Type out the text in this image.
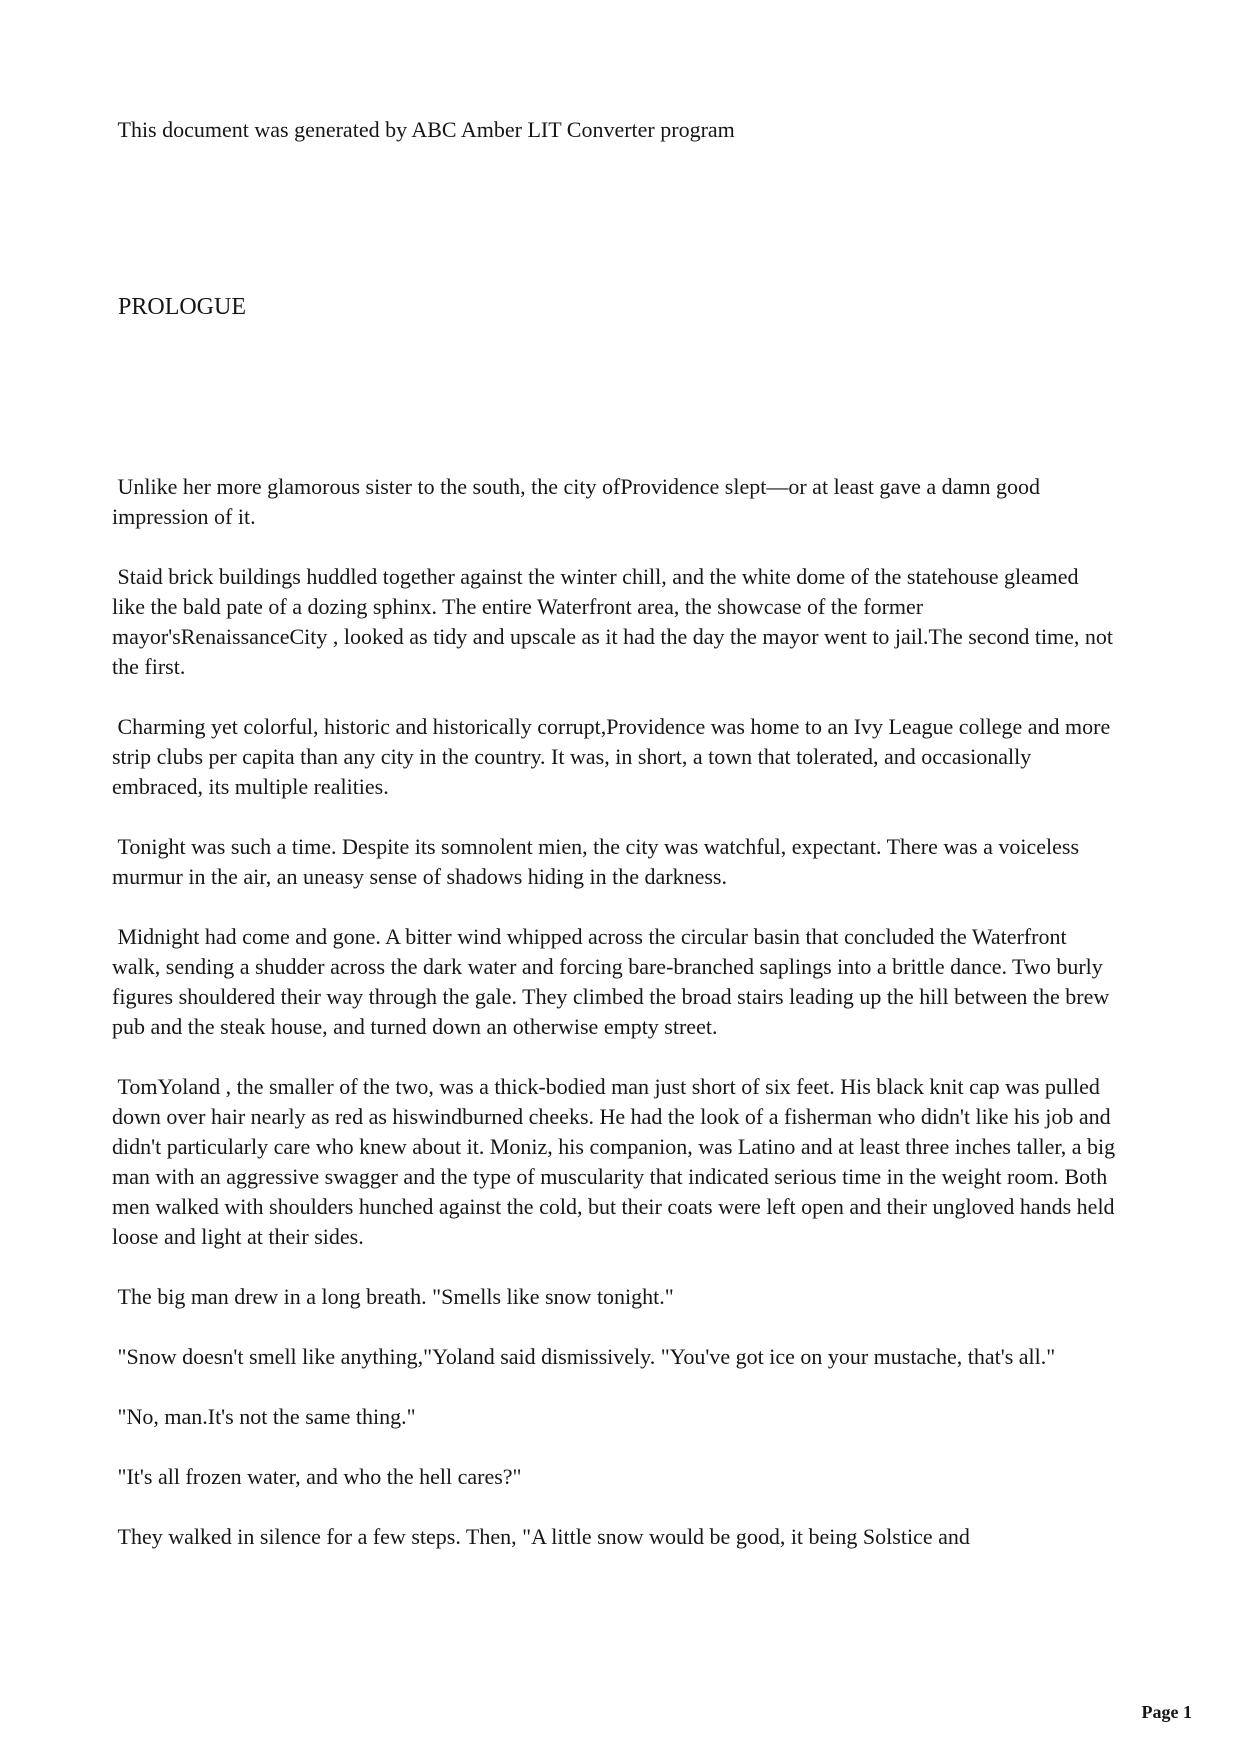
This document was generated by ABC Amber LIT Converter program
PROLOGUE

Unlike her more glamorous sister to the south, the city ofProvidence slept—or at least gave a damn good impression of it.

Staid brick buildings huddled together against the winter chill, and the white dome of the statehouse gleamed like the bald pate of a dozing sphinx. The entire Waterfront area, the showcase of the former mayor'sRenaissanceCity , looked as tidy and upscale as it had the day the mayor went to jail.The second time, not the first.

Charming yet colorful, historic and historically corrupt,Providence was home to an Ivy League college and more strip clubs per capita than any city in the country. It was, in short, a town that tolerated, and occasionally embraced, its multiple realities.

Tonight was such a time. Despite its somnolent mien, the city was watchful, expectant. There was a voiceless murmur in the air, an uneasy sense of shadows hiding in the darkness.

Midnight had come and gone. A bitter wind whipped across the circular basin that concluded the Waterfront walk, sending a shudder across the dark water and forcing bare-branched saplings into a brittle dance. Two burly figures shouldered their way through the gale. They climbed the broad stairs leading up the hill between the brew pub and the steak house, and turned down an otherwise empty street.

TomYoland , the smaller of the two, was a thick-bodied man just short of six feet. His black knit cap was pulled down over hair nearly as red as hiswindburned cheeks. He had the look of a fisherman who didn't like his job and didn't particularly care who knew about it. Moniz, his companion, was Latino and at least three inches taller, a big man with an aggressive swagger and the type of muscularity that indicated serious time in the weight room. Both men walked with shoulders hunched against the cold, but their coats were left open and their ungloved hands held loose and light at their sides.

The big man drew in a long breath. "Smells like snow tonight."

"Snow doesn't smell like anything,"Yoland said dismissively. "You've got ice on your mustache, that's all."

"No, man.It's not the same thing."

"It's all frozen water, and who the hell cares?"

They walked in silence for a few steps. Then, "A little snow would be good, it being Solstice and

Page 1
